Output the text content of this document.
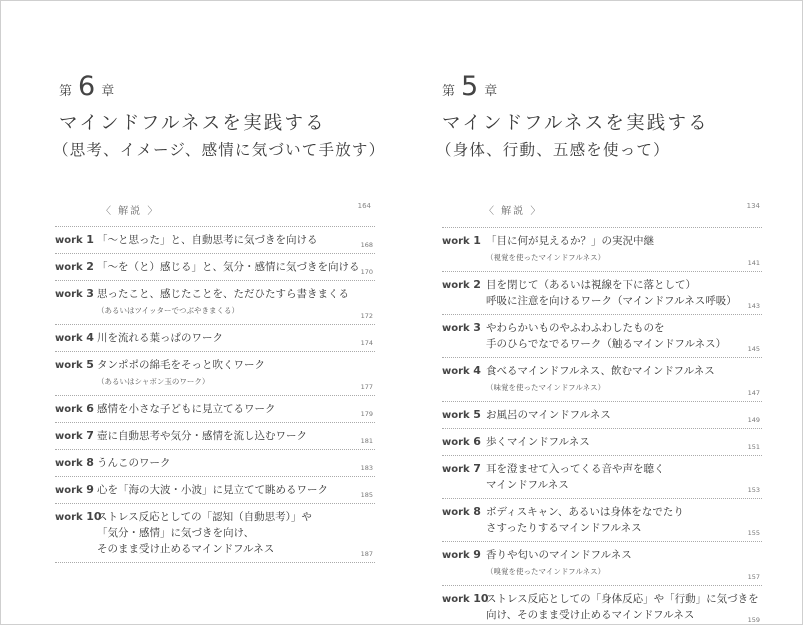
第 6 章
マインドフルネスを実践する
（思考、イメージ、感情に気づいて手放す）
〈 解説 〉	164
work 1 「〜と思った」と、自動思考に気づきを向ける	168
work 2 「〜を（と）感じる」と、気分・感情に気づきを向ける 170
work 3 思ったこと、感じたことを、ただひたすら書きまくる
（あるいはツイッターでつぶやきまくる）
172
work 4 川を流れる葉っぱのワーク	174
work 5 タンポポの綿毛をそっと吹くワーク
（あるいはシャボン玉のワーク）
177
work 6 感情を小さな子どもに見立てるワーク	179
work 7 壺に自動思考や気分・感情を流し込むワーク	181
work 8 うんこのワーク	183
work 9 心を「海の大波・小波」に見立てて眺めるワーク	185
work 10
ストレス反応としての「認知（自動思考）」や
「気分・感情」に気づきを向け、
そのまま受け止めるマインドフルネス	187
第 5 章
マインドフルネスを実践する
（身体、行動、五感を使って）
〈 解説 〉	134
work 1 「目に何が見えるか？」の実況中継
（視覚を使ったマインドフルネス）
141
work 2 目を閉じて（あるいは視線を下に落として）
呼吸に注意を向けるワーク（マインドフルネス呼吸）	143
work 3 やわらかいものやふわふわしたものを
手のひらでなでるワーク（触るマインドフルネス）	145
work 4 食べるマインドフルネス、飲むマインドフルネス
（味覚を使ったマインドフルネス）
147
work 5 お風呂のマインドフルネス	149
work 6 歩くマインドフルネス	151
work 7 耳を澄ませて入ってくる音や声を聴く
マインドフルネス	153
work 8 ボディスキャン、あるいは身体をなでたり
さすったりするマインドフルネス	155
work 9 香りや匂いのマインドフルネス
（嗅覚を使ったマインドフルネス）
157
work 10
ストレス反応としての「身体反応」や「行動」に気づきを
向け、そのまま受け止めるマインドフルネス	159
